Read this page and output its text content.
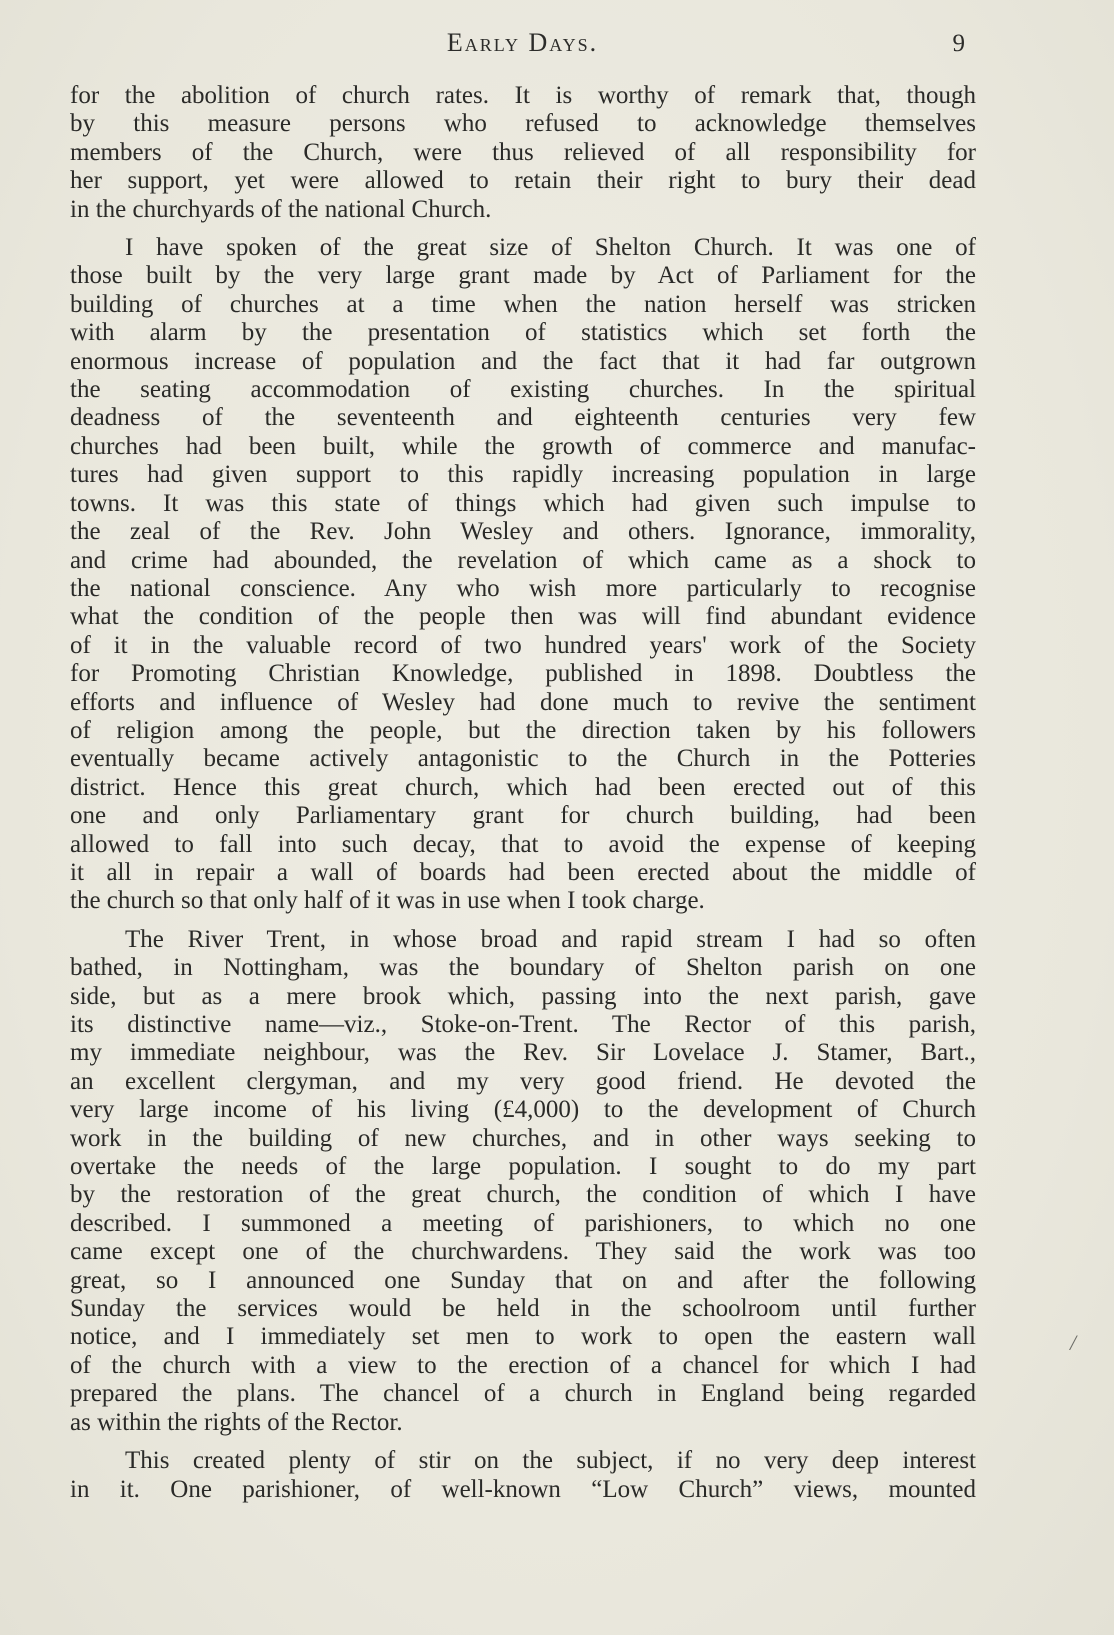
Early Days.	9
for the abolition of church rates. It is worthy of remark that, though
by this measure persons who refused to acknowledge themselves
members of the Church, were thus relieved of all responsibility for
her support, yet were allowed to retain their right to bury their dead
in the churchyards of the national Church.
I have spoken of the great size of Shelton Church. It was one of
those built by the very large grant made by Act of Parliament for the
building of churches at a time when the nation herself was stricken
with alarm by the presentation of statistics which set forth the
enormous increase of population and the fact that it had far outgrown
the seating accommodation of existing churches. In the spiritual
deadness of the seventeenth and eighteenth centuries very few
churches had been built, while the growth of commerce and manufac-
tures had given support to this rapidly increasing population in large
towns. It was this state of things which had given such impulse to
the zeal of the Rev. John Wesley and others. Ignorance, immorality,
and crime had abounded, the revelation of which came as a shock to
the national conscience. Any who wish more particularly to recognise
what the condition of the people then was will find abundant evidence
of it in the valuable record of two hundred years' work of the Society
for Promoting Christian Knowledge, published in 1898. Doubtless the
efforts and influence of Wesley had done much to revive the sentiment
of religion among the people, but the direction taken by his followers
eventually became actively antagonistic to the Church in the Potteries
district. Hence this great church, which had been erected out of this
one and only Parliamentary grant for church building, had been
allowed to fall into such decay, that to avoid the expense of keeping
it all in repair a wall of boards had been erected about the middle of
the church so that only half of it was in use when I took charge.
The River Trent, in whose broad and rapid stream I had so often
bathed, in Nottingham, was the boundary of Shelton parish on one
side, but as a mere brook which, passing into the next parish, gave
its distinctive name—viz., Stoke-on-Trent. The Rector of this parish,
my immediate neighbour, was the Rev. Sir Lovelace J. Stamer, Bart.,
an excellent clergyman, and my very good friend. He devoted the
very large income of his living (£4,000) to the development of Church
work in the building of new churches, and in other ways seeking to
overtake the needs of the large population. I sought to do my part
by the restoration of the great church, the condition of which I have
described. I summoned a meeting of parishioners, to which no one
came except one of the churchwardens. They said the work was too
great, so I announced one Sunday that on and after the following
Sunday the services would be held in the schoolroom until further
notice, and I immediately set men to work to open the eastern wall
of the church with a view to the erection of a chancel for which I had
prepared the plans. The chancel of a church in England being regarded
as within the rights of the Rector.
This created plenty of stir on the subject, if no very deep interest
in it. One parishioner, of well-known “Low Church” views, mounted
/
